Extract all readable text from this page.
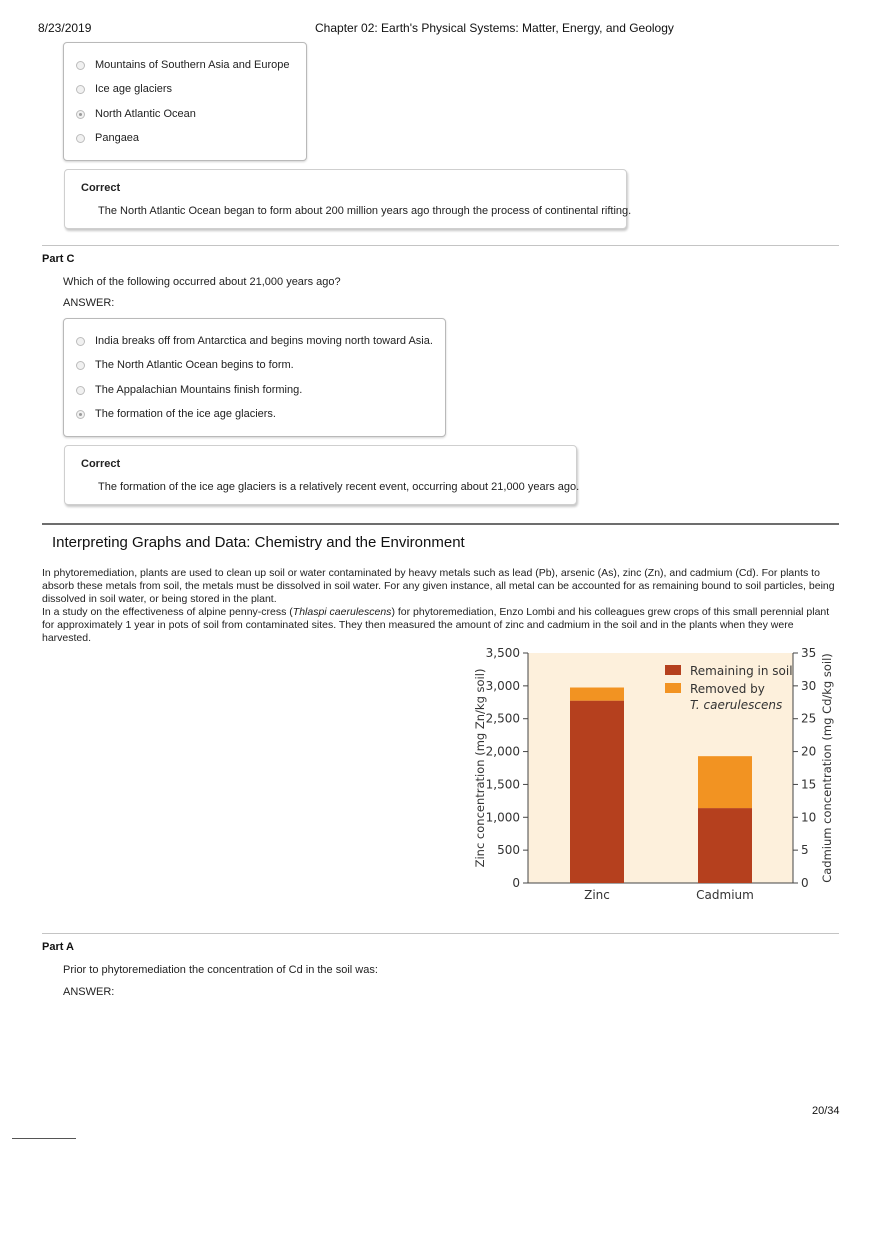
8/23/2019	Chapter 02: Earth's Physical Systems: Matter, Energy, and Geology
Mountains of Southern Asia and Europe
Ice age glaciers
North Atlantic Ocean
Pangaea
Correct
The North Atlantic Ocean began to form about 200 million years ago through the process of continental rifting.
Part C
Which of the following occurred about 21,000 years ago?
ANSWER:
India breaks off from Antarctica and begins moving north toward Asia.
The North Atlantic Ocean begins to form.
The Appalachian Mountains finish forming.
The formation of the ice age glaciers.
Correct
The formation of the ice age glaciers is a relatively recent event, occurring about 21,000 years ago.
Interpreting Graphs and Data: Chemistry and the Environment
In phytoremediation, plants are used to clean up soil or water contaminated by heavy metals such as lead (Pb), arsenic (As), zinc (Zn), and cadmium (Cd). For plants to absorb these metals from soil, the metals must be dissolved in soil water. For any given instance, all metal can be accounted for as remaining bound to soil particles, being dissolved in soil water, or being stored in the plant.
In a study on the effectiveness of alpine penny-cress (Thlaspi caerulescens) for phytoremediation, Enzo Lombi and his colleagues grew crops of this small perennial plant for approximately 1 year in pots of soil from contaminated sites. They then measured the amount of zinc and cadmium in the soil and in the plants when they were harvested.
0
500
1,000
1,500
2,000
2,500
3,000
3,500
0
5
10
15
20
25
30
35
Zinc	Cadmium
Remaining in soil
Removed by
T. caerulescens
Zinc concentration (mg Zn/kg soil)	Cadmium concentration (mg Cd/kg soil)
Part A
Prior to phytoremediation the concentration of Cd in the soil was:
ANSWER:
20/34
